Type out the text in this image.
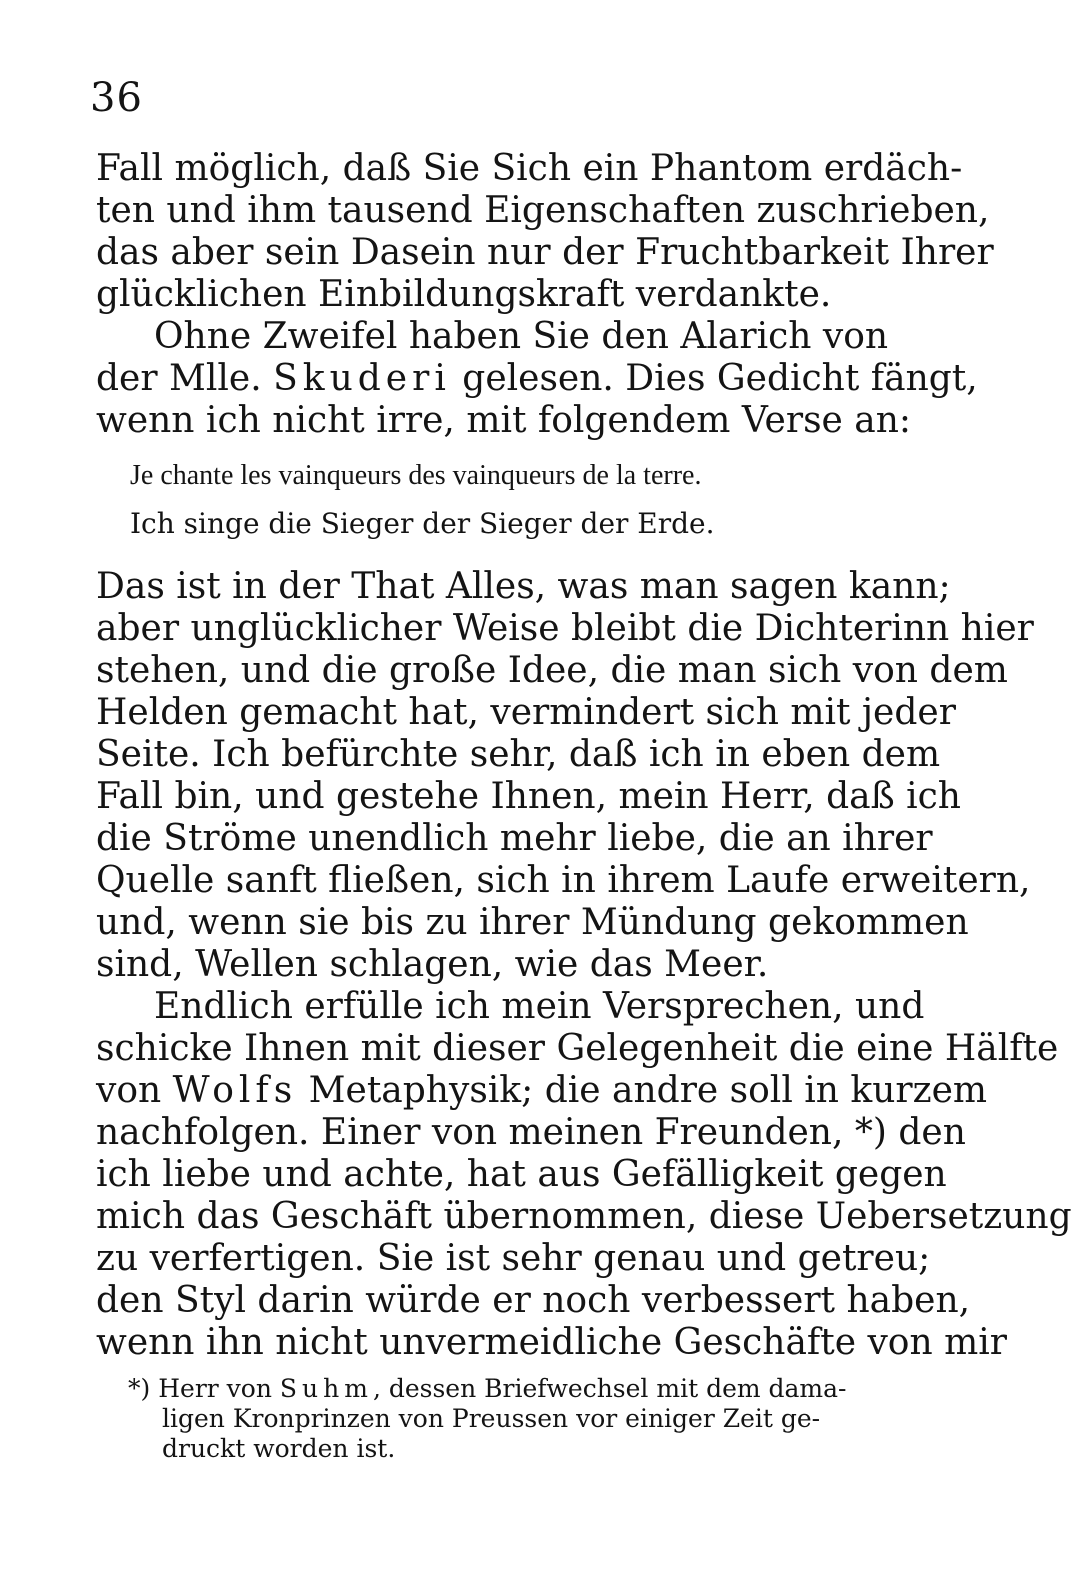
36
Fall möglich, daß Sie Sich ein Phantom erdäch-
ten und ihm tausend Eigenschaften zuschrieben,
das aber sein Dasein nur der Fruchtbarkeit Ihrer
glücklichen Einbildungskraft verdankte.
Ohne Zweifel haben Sie den Alarich von
der Mlle. Skuderi gelesen. Dies Gedicht fängt,
wenn ich nicht irre, mit folgendem Verse an:
Je chante les vainqueurs des vainqueurs de la terre.
Ich singe die Sieger der Sieger der Erde.
Das ist in der That Alles, was man sagen kann;
aber unglücklicher Weise bleibt die Dichterinn hier
stehen, und die große Idee, die man sich von dem
Helden gemacht hat, vermindert sich mit jeder
Seite. Ich befürchte sehr, daß ich in eben dem
Fall bin, und gestehe Ihnen, mein Herr, daß ich
die Ströme unendlich mehr liebe, die an ihrer
Quelle sanft fließen, sich in ihrem Laufe erweitern,
und, wenn sie bis zu ihrer Mündung gekommen
sind, Wellen schlagen, wie das Meer.
Endlich erfülle ich mein Versprechen, und
schicke Ihnen mit dieser Gelegenheit die eine Hälfte
von Wolfs Metaphysik; die andre soll in kurzem
nachfolgen. Einer von meinen Freunden, *) den
ich liebe und achte, hat aus Gefälligkeit gegen
mich das Geschäft übernommen, diese Uebersetzung
zu verfertigen. Sie ist sehr genau und getreu;
den Styl darin würde er noch verbessert haben,
wenn ihn nicht unvermeidliche Geschäfte von mir
*) Herr von Suhm, dessen Briefwechsel mit dem dama-
ligen Kronprinzen von Preussen vor einiger Zeit ge-
druckt worden ist.
